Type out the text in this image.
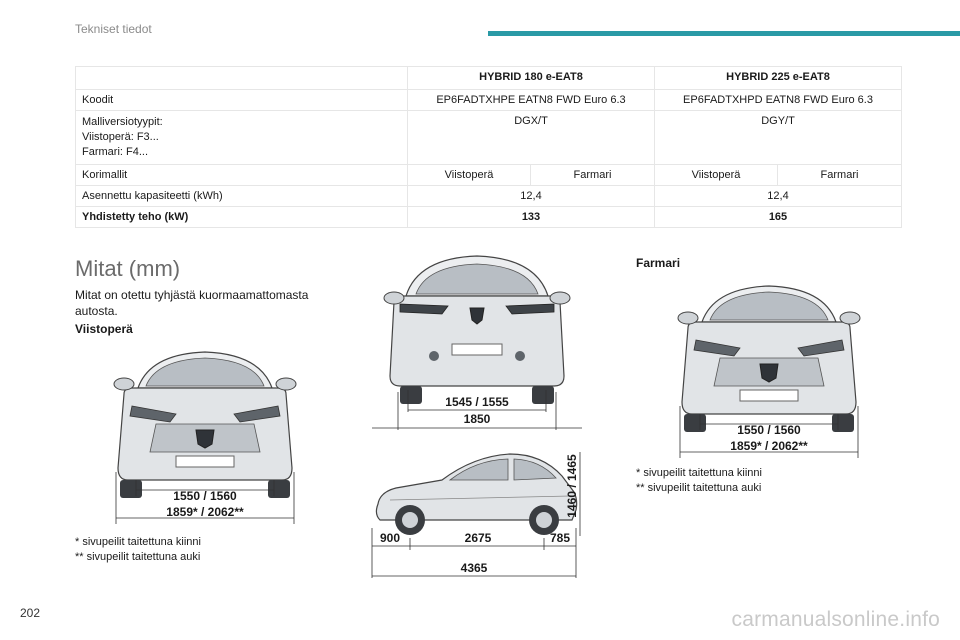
Tekniset tiedot
	HYBRID 180 e-EAT8		HYBRID 225 e-EAT8	
Koodit	EP6FADTXHPE EATN8 FWD Euro 6.3		EP6FADTXHPD EATN8 FWD Euro 6.3	

Malliversiotyypit:
Viistoperä: F3...
Farmari: F4...	DGX/T		DGY/T	
Korimallit	Viistoperä	Farmari	Viistoperä	Farmari
Asennettu kapasiteetti (kWh)	12,4		12,4	
Yhdistetty teho (kW)	133		165	
Mitat (mm)
Mitat on otettu tyhjästä kuormaamattomasta autosta.
Viistoperä
Farmari
1550 / 1560
1859* / 2062**
1545 / 1555
1850
1460 / 1465
900	2675	785
4365
1550 / 1560
1859* / 2062**
* sivupeilit taitettuna kiinni
** sivupeilit taitettuna auki
* sivupeilit taitettuna kiinni
** sivupeilit taitettuna auki
202	carmanualsonline.info
